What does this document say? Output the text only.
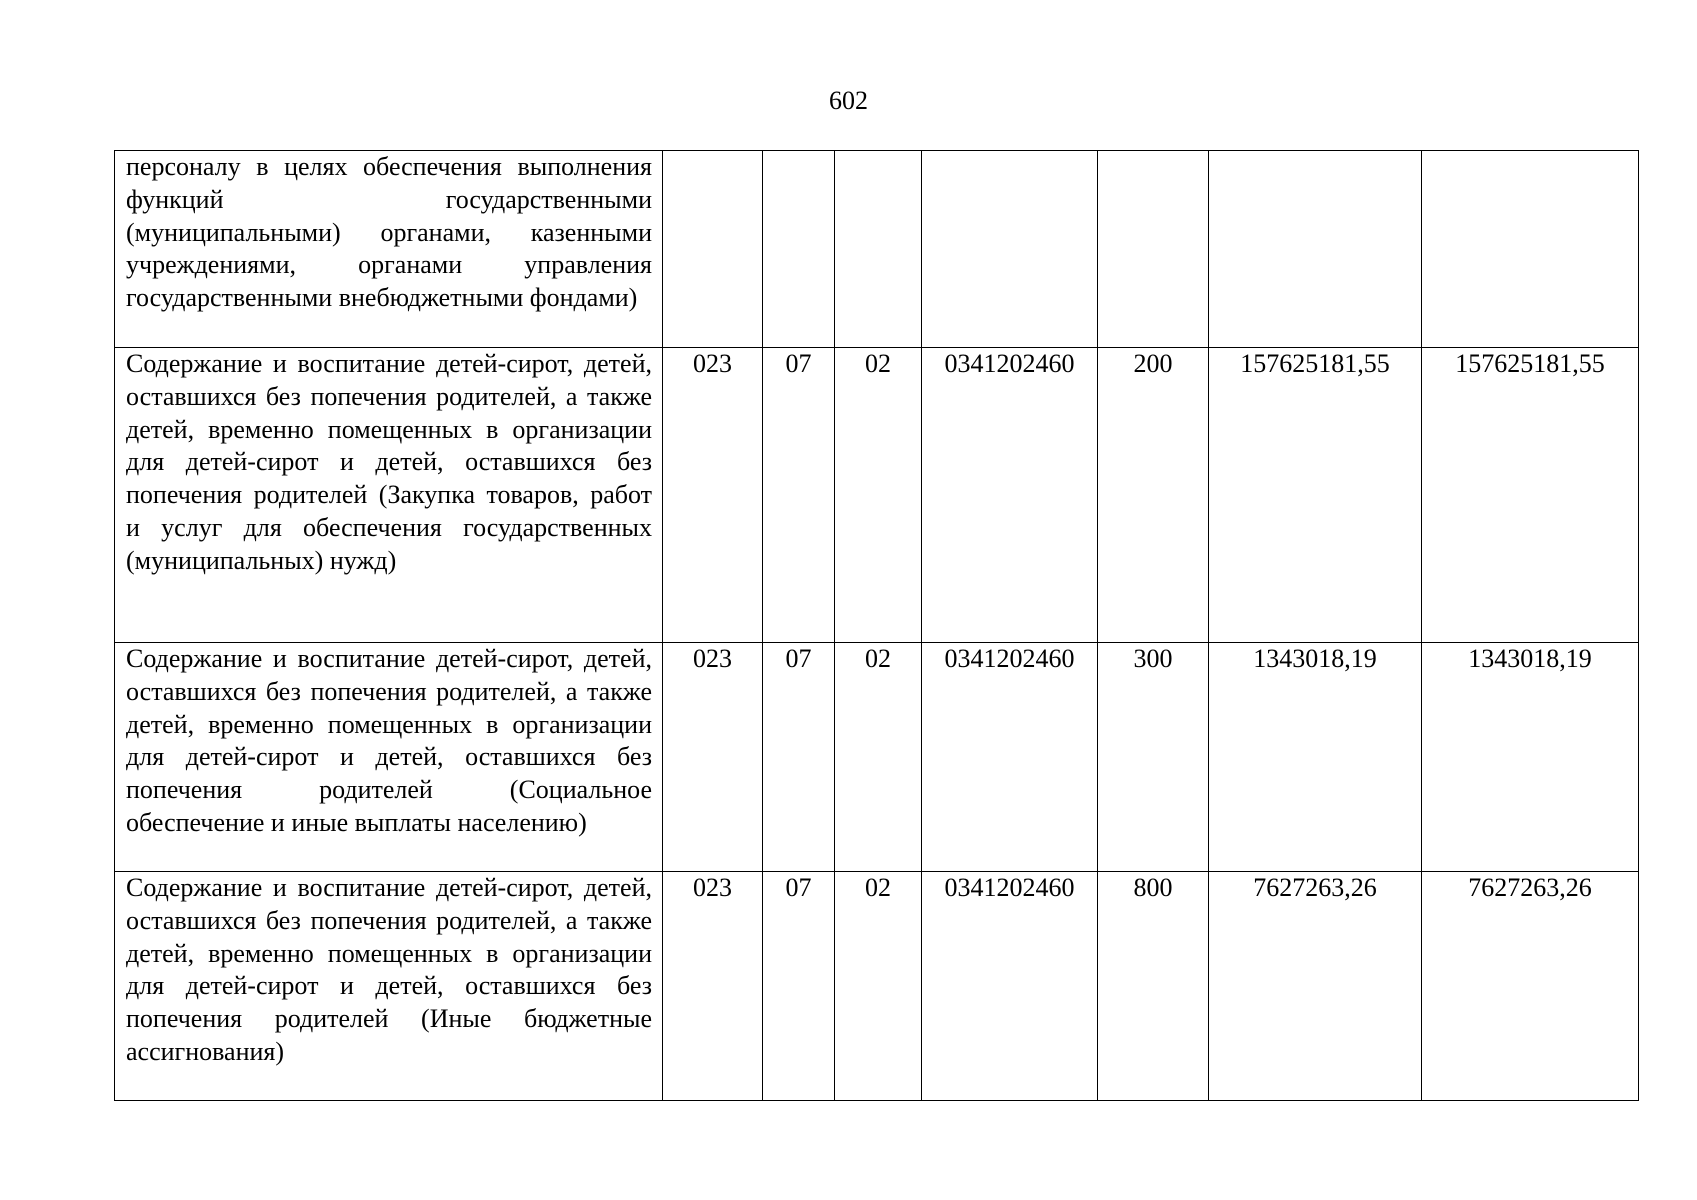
602
персоналу в целях обеспечения выполнения функций государственными (муниципальными) органами, казенными учреждениями, органами управления государственными внебюджетными фондами)							
Содержание и воспитание детей-сирот, детей, оставшихся без попечения родителей, а также детей, временно помещенных в организации для детей-сирот и детей, оставшихся без попечения родителей (Закупка товаров, работ и услуг для обеспечения государственных (муниципальных) нужд)	023	07	02	0341202460	200	157625181,55	157625181,55
Содержание и воспитание детей-сирот, детей, оставшихся без попечения родителей, а также детей, временно помещенных в организации для детей-сирот и детей, оставшихся без попечения родителей (Социальное обеспечение и иные выплаты населению)	023	07	02	0341202460	300	1343018,19	1343018,19
Содержание и воспитание детей-сирот, детей, оставшихся без попечения родителей, а также детей, временно помещенных в организации для детей-сирот и детей, оставшихся без попечения родителей (Иные бюджетные ассигнования)	023	07	02	0341202460	800	7627263,26	7627263,26
